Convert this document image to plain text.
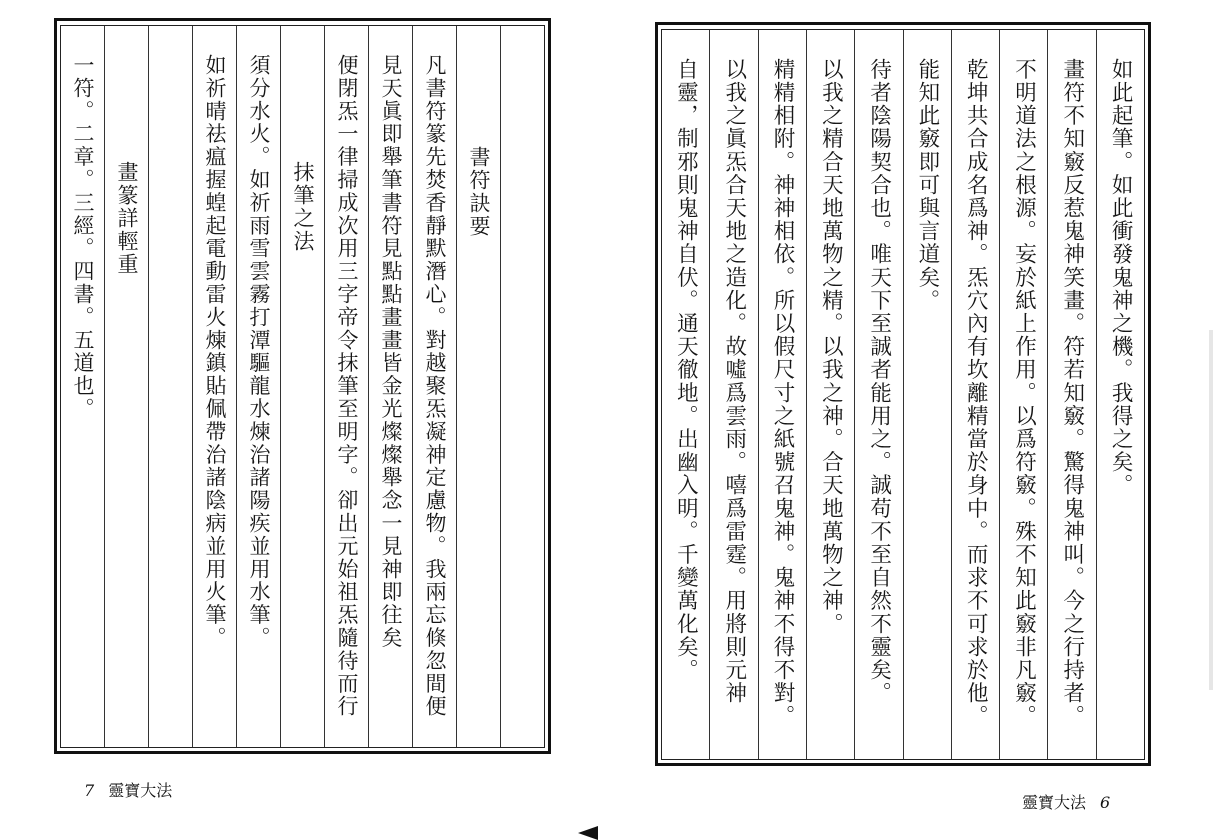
書符訣要
凡書符篆先焚香靜默潛心。對越聚炁凝神定慮物。我兩忘倏忽間便
見天眞即舉筆書符見點點畫畫皆金光燦燦舉念一見神即往矣
便閉炁一律掃成次用三字帝令抹筆至明字。卻出元始祖炁隨待而行
抹筆之法
須分水火。如祈雨雪雲霧打潭驅龍水煉治諸陽疾並用水筆。
如祈晴祛瘟握蝗起電動雷火煉鎮貼佩帶治諸陰病並用火筆。
畫篆詳輕重
一符。二章。三經。四書。五道也。
7 靈寶大法
如此起筆。如此衝發鬼神之機。我得之矣。
畫符不知竅反惹鬼神笑畫。符若知竅。驚得鬼神叫。今之行持者。
不明道法之根源。妄於紙上作用。以爲符竅。殊不知此竅非凡竅。
乾坤共合成名爲神。炁穴內有坎離精當於身中。而求不可求於他。
能知此竅即可與言道矣。
待者陰陽契合也。唯天下至誠者能用之。誠苟不至自然不靈矣。
以我之精合天地萬物之精。以我之神。合天地萬物之神。
精精相附。神神相依。所以假尺寸之紙號召鬼神。鬼神不得不對。
以我之眞炁合天地之造化。故噓爲雲雨。嘻爲雷霆。用將則元神
自靈，制邪則鬼神自伏。通天徹地。出幽入明。千變萬化矣。
靈寶大法 6
